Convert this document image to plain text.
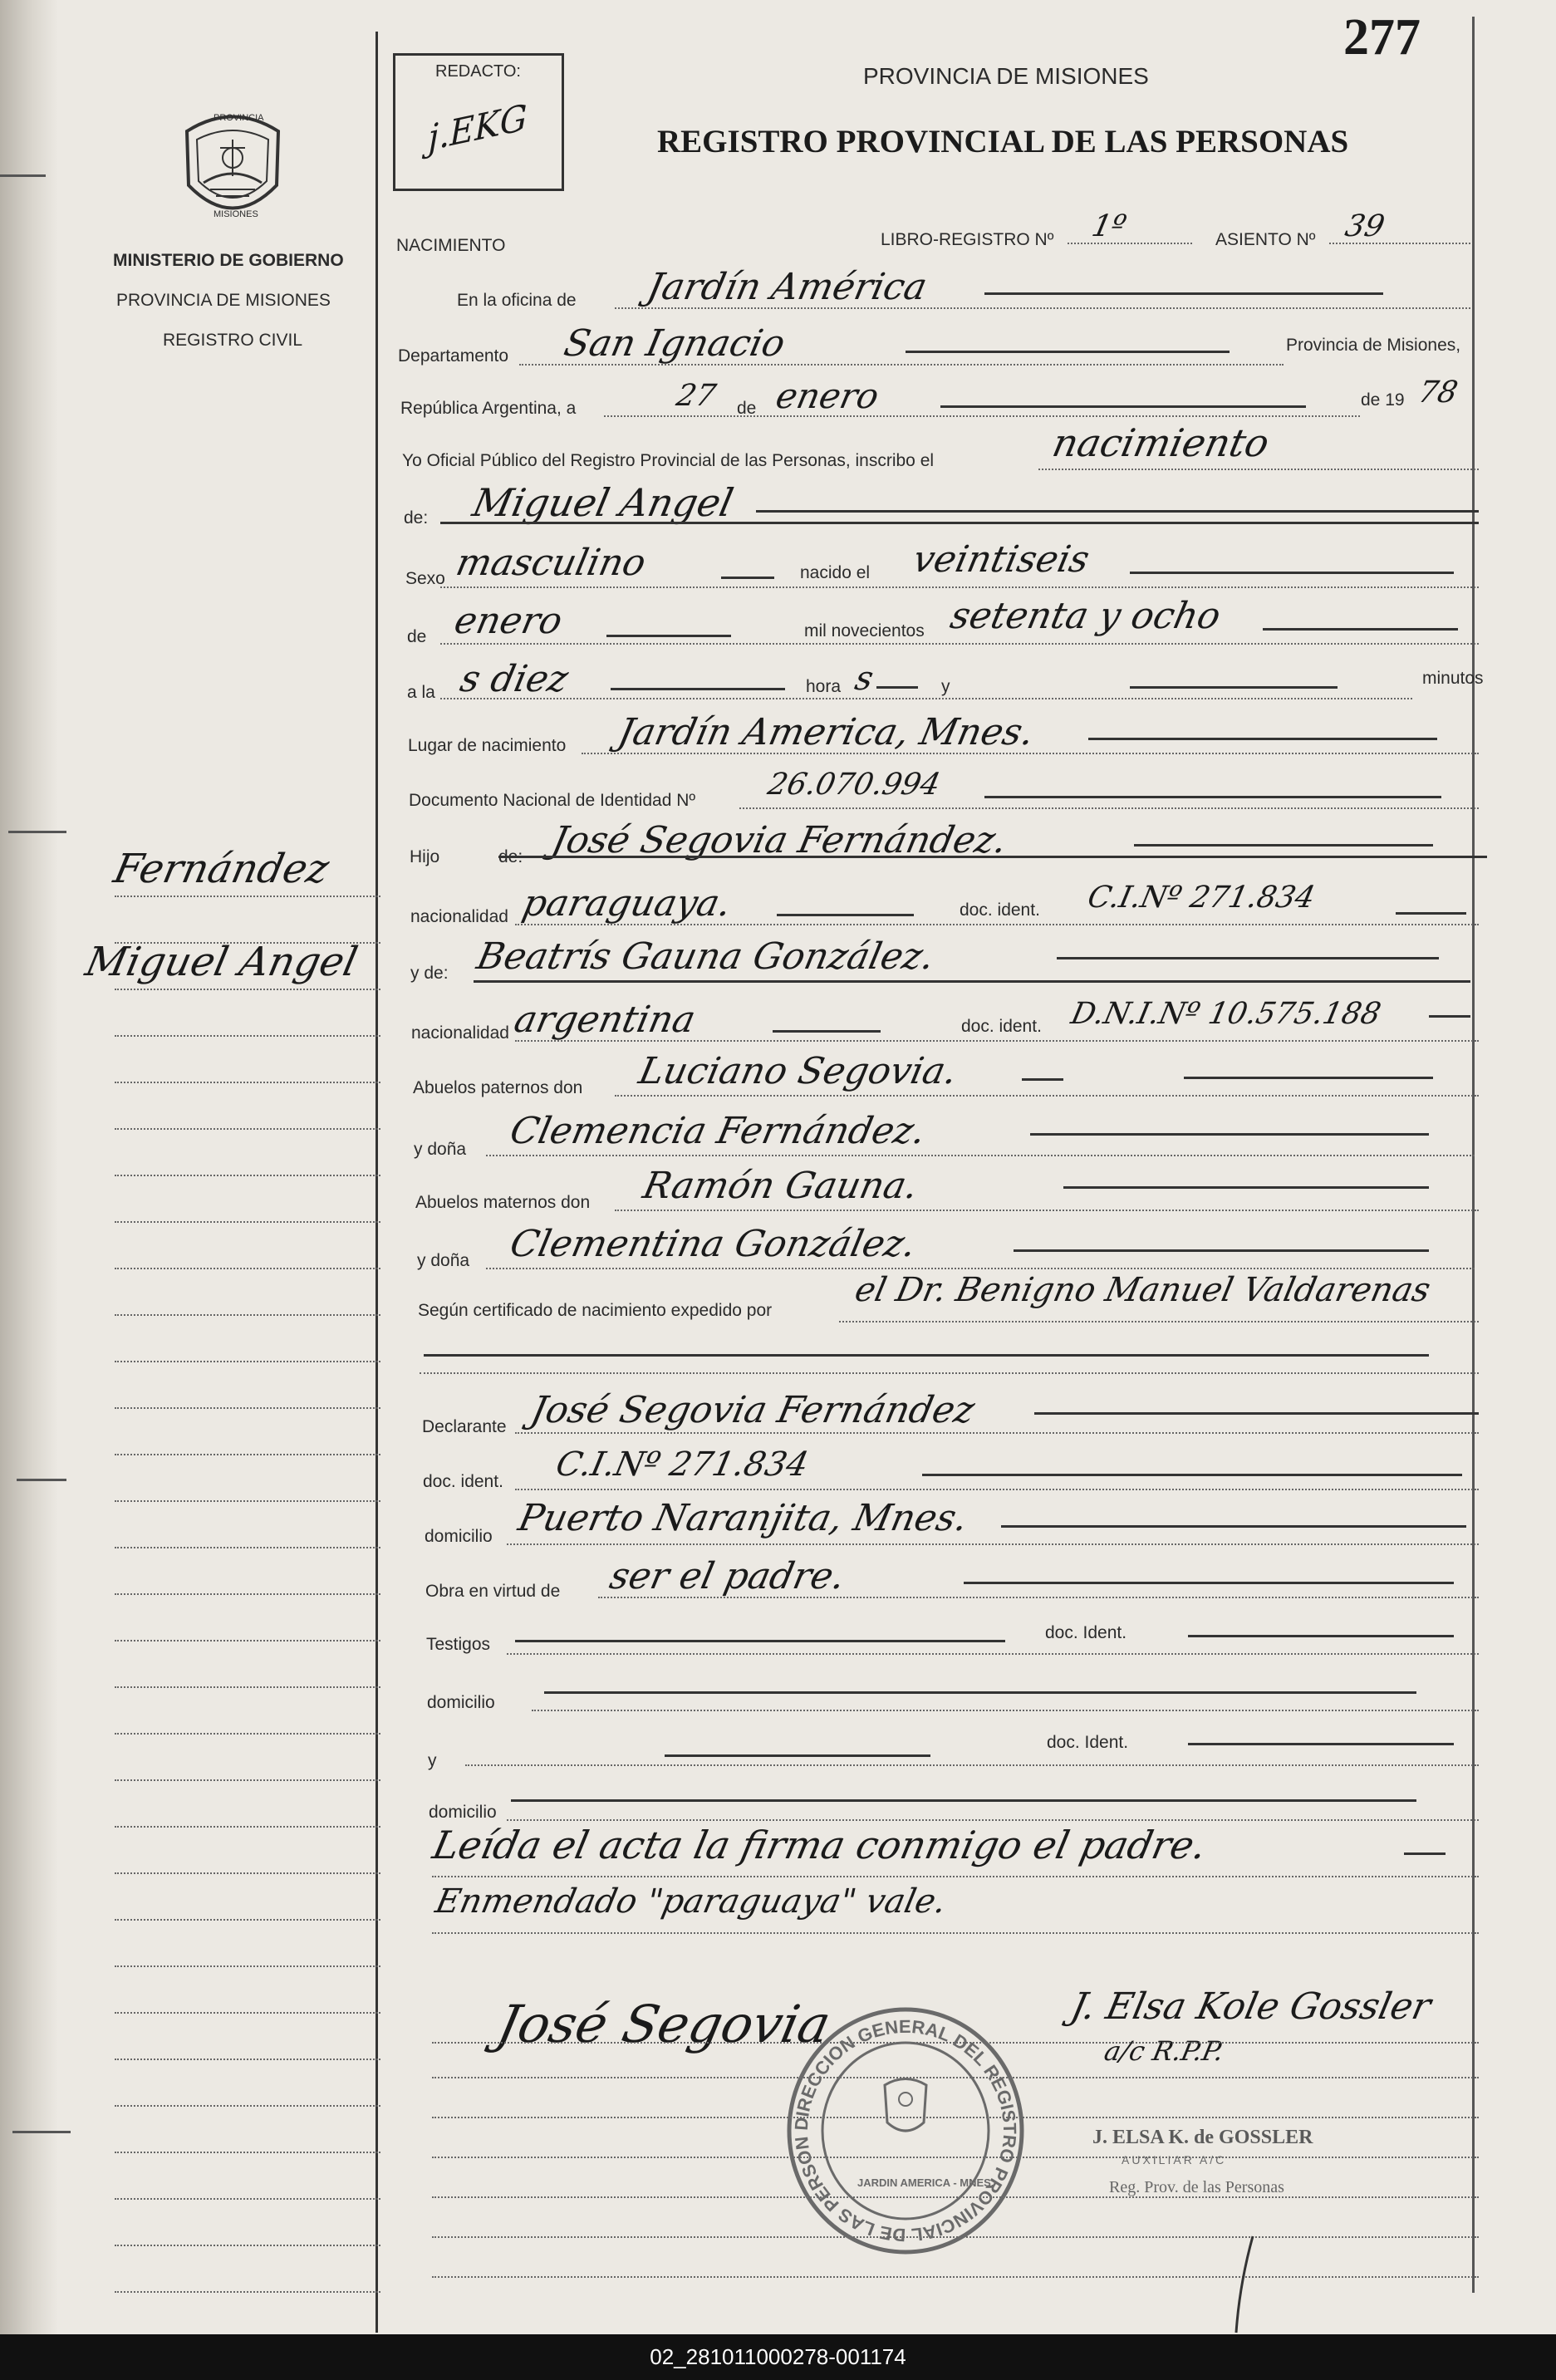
277
REDACTO:
j.EKG
PROVINCIA DE MISIONES
REGISTRO PROVINCIAL DE LAS PERSONAS
PROVINCIA
MISIONES
MINISTERIO DE GOBIERNO
PROVINCIA DE MISIONES
REGISTRO CIVIL
Fernández
Miguel Angel
NACIMIENTO	LIBRO-REGISTRO Nº 1º	ASIENTO Nº 39
En la oficina de Jardín América
Departamento San Ignacio	Provincia de Misiones,
República Argentina, a	27 de enero	de 19 78
Yo Oficial Público del Registro Provincial de las Personas, inscribo el	nacimiento
de: Miguel Angel
Sexo masculino	nacido el veintiseis
de enero	mil novecientos setenta y ocho
a la s diez	hora s	y	minutos
Lugar de nacimiento Jardín America, Mnes.
Documento Nacional de Identidad Nº 26.070.994
Hijo	de: José Segovia Fernández.
nacionalidad paraguaya.	doc. ident. C.I.Nº 271.834
y de: Beatrís Gauna González.
nacionalidad argentina	doc. ident. D.N.I.Nº 10.575.188
Abuelos paternos don Luciano Segovia.
y doña Clemencia Fernández.
Abuelos maternos don Ramón Gauna.
y doña Clementina González.
Según certificado de nacimiento expedido por
el Dr. Benigno Manuel Valdarenas
Declarante José Segovia Fernández
doc. ident. C.I.Nº 271.834
domicilio Puerto Naranjita, Mnes.
Obra en virtud de ser el padre.
Testigos
doc. Ident.
domicilio
y
doc. Ident.
domicilio
Leída el acta la firma conmigo el padre.
Enmendado "paraguaya" vale.
José Segovia	J. Elsa Kole Gossler
a/c R.P.P.
J. ELSA K. de GOSSLER
AUXILIAR A/C
Reg. Prov. de las Personas
DIRECCION GENERAL DEL REGISTRO PROVINCIAL DE LAS PERSON
JARDIN AMERICA - MNES.
02_281011000278-001174
